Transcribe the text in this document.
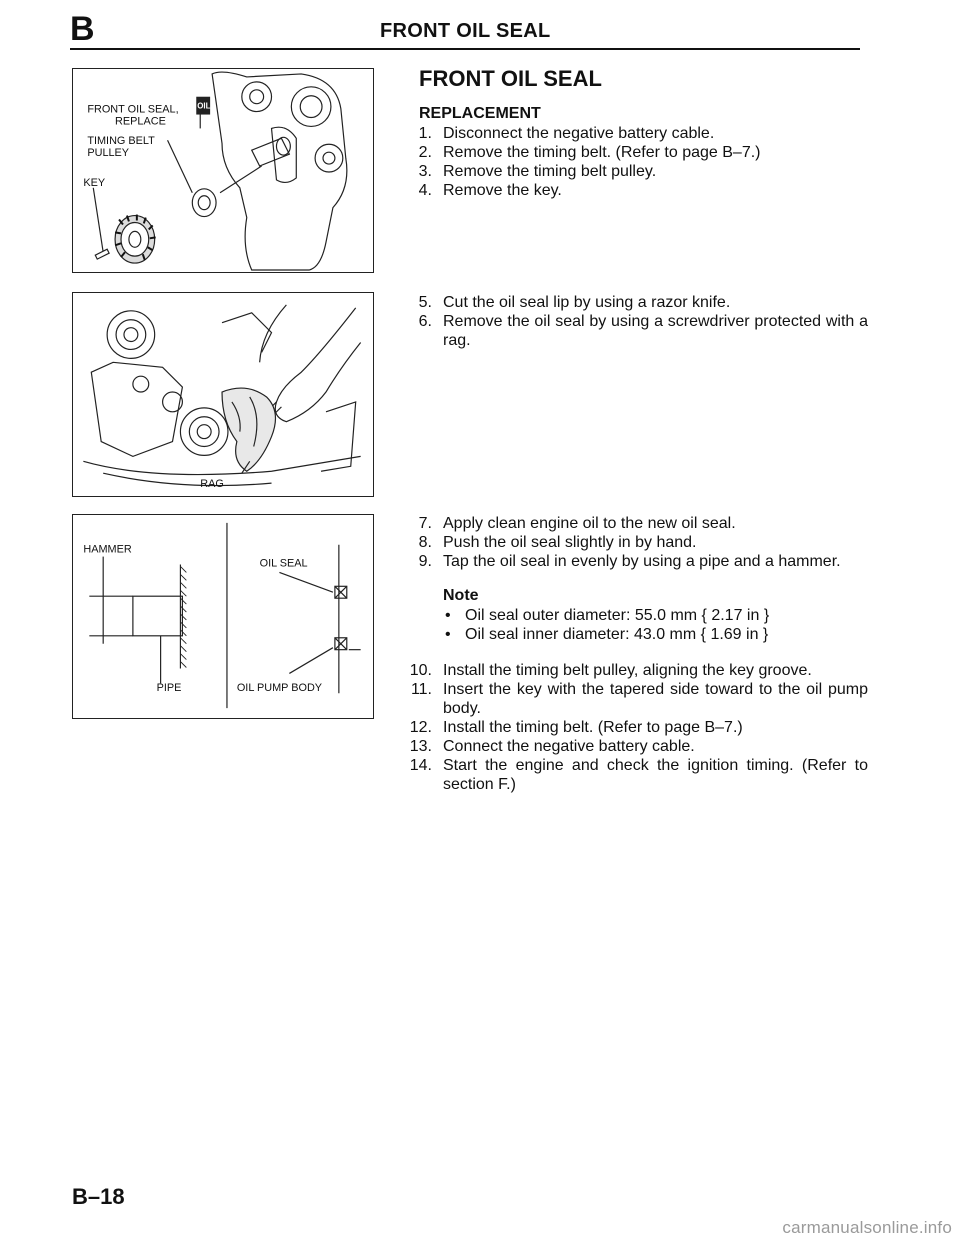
B	FRONT OIL SEAL
OIL
FRONT OIL SEAL,
REPLACE
TIMING BELT
PULLEY
KEY
RAG
HAMMER
PIPE
OIL SEAL
OIL PUMP BODY
FRONT OIL SEAL
REPLACEMENT
1. Disconnect the negative battery cable.
2. Remove the timing belt. (Refer to page B–7.)
3. Remove the timing belt pulley.
4. Remove the key.
5. Cut the oil seal lip by using a razor knife.
6. Remove the oil seal by using a screwdriver protected with a rag.
7. Apply clean engine oil to the new oil seal.
8. Push the oil seal slightly in by hand.
9. Tap the oil seal in evenly by using a pipe and a hammer.
Note
• Oil seal outer diameter: 55.0 mm { 2.17 in }
• Oil seal inner diameter: 43.0 mm { 1.69 in }
10. Install the timing belt pulley, aligning the key groove.
11. Insert the key with the tapered side toward to the oil pump body.
12. Install the timing belt. (Refer to page B–7.)
13. Connect the negative battery cable.
14. Start the engine and check the ignition timing. (Refer to section F.)
B–18
carmanualsonline.info
